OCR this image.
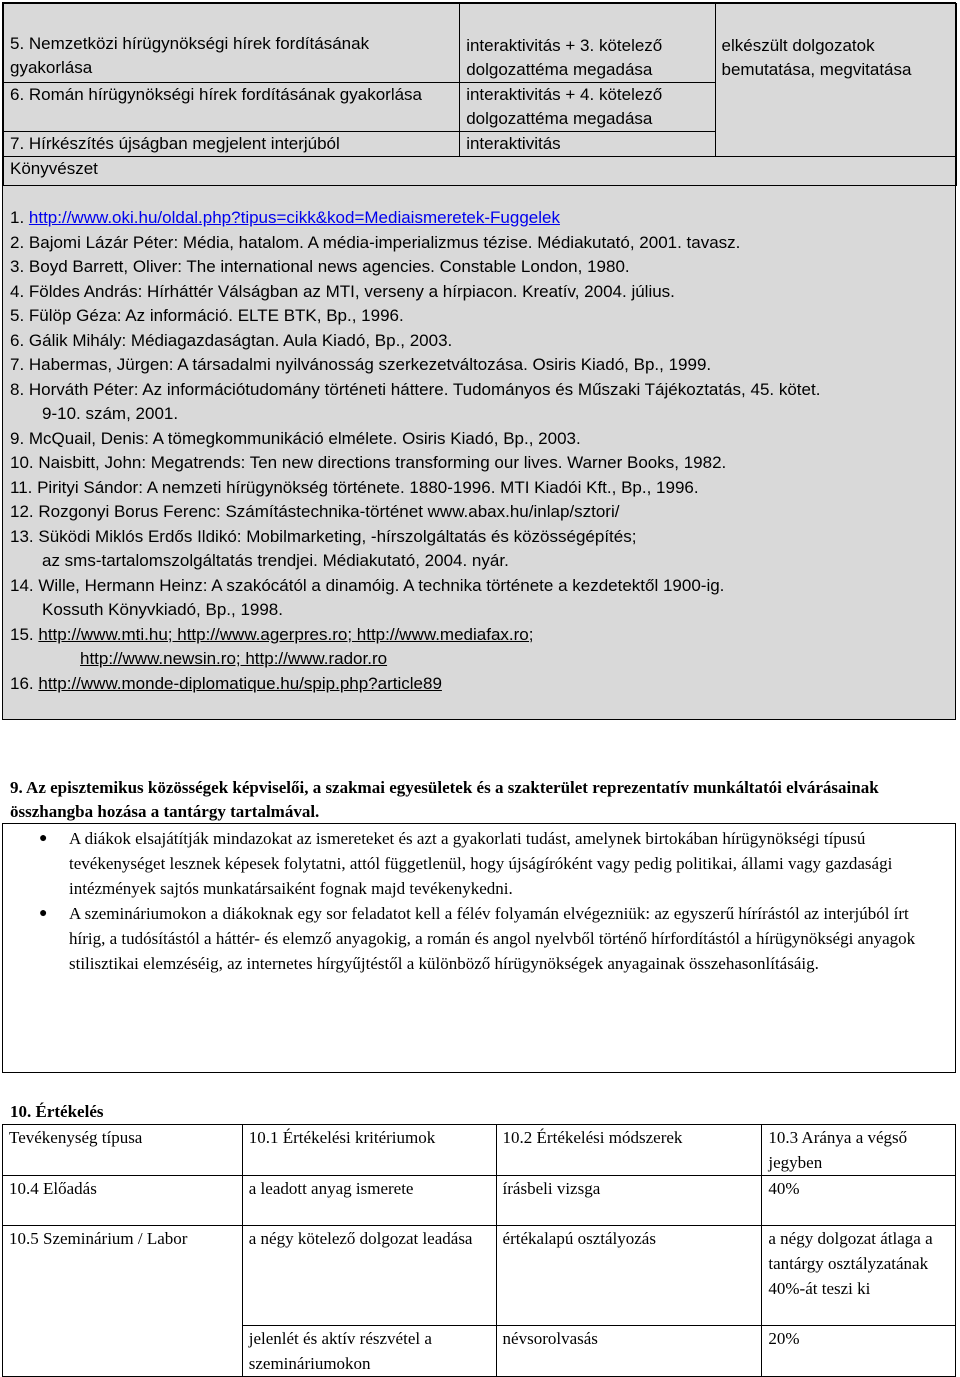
5. Nemzetközi hírügynökségi hírek fordításának gyakorlása	interaktivitás + 3. kötelező dolgozattéma megadása	elkészült dolgozatok bemutatása, megvitatása
6. Román hírügynökségi hírek fordításának gyakorlása	interaktivitás + 4. kötelező dolgozattéma megadása	
7. Hírkészítés újságban megjelent interjúból	interaktivitás	
Könyvészet		
1. http://www.oki.hu/oldal.php?tipus=cikk&kod=Mediaismeretek-Fuggelek
2. Bajomi Lázár Péter: Média, hatalom. A média-imperializmus tézise. Médiakutató, 2001. tavasz.
3. Boyd Barrett, Oliver: The international news agencies. Constable London, 1980.
4. Földes András: Hírháttér Válságban az MTI, verseny a hírpiacon. Kreatív, 2004. július.
5. Fülöp Géza: Az információ. ELTE BTK, Bp., 1996.
6. Gálik Mihály: Médiagazdaságtan. Aula Kiadó, Bp., 2003.
7. Habermas, Jürgen: A társadalmi nyilvánosság szerkezetváltozása. Osiris Kiadó, Bp., 1999.
8. Horváth Péter: Az információtudomány történeti háttere. Tudományos és Műszaki Tájékoztatás, 45. kötet.
9-10. szám, 2001.
9. McQuail, Denis: A tömegkommunikáció elmélete. Osiris Kiadó, Bp., 2003.
10. Naisbitt, John: Megatrends: Ten new directions transforming our lives. Warner Books, 1982.
11. Pirityi Sándor: A nemzeti hírügynökség története. 1880-1996. MTI Kiadói Kft., Bp., 1996.
12. Rozgonyi Borus Ferenc: Számítástechnika-történet www.abax.hu/inlap/sztori/
13. Süködi Miklós Erdős Ildikó: Mobilmarketing, -hírszolgáltatás és közösségépítés;
az sms-tartalomszolgáltatás trendjei. Médiakutató, 2004. nyár.
14. Wille, Hermann Heinz: A szakócától a dinamóig. A technika története a kezdetektől 1900-ig.
Kossuth Könyvkiadó, Bp., 1998.
15. http://www.mti.hu; http://www.agerpres.ro; http://www.mediafax.ro;
http://www.newsin.ro; http://www.rador.ro
16. http://www.monde-diplomatique.hu/spip.php?article89
9. Az episztemikus közösségek képviselői, a szakmai egyesületek és a szakterület reprezentatív munkáltatói elvárásainak összhangba hozása a tantárgy tartalmával.
● A diákok elsajátítják mindazokat az ismereteket és azt a gyakorlati tudást, amelynek birtokában hírügynökségi típusú tevékenységet lesznek képesek folytatni, attól függetlenül, hogy újságíróként vagy pedig politikai, állami vagy gazdasági intézmények sajtós munkatársaiként fognak majd tevékenykedni.
● A szemináriumokon a diákoknak egy sor feladatot kell a félév folyamán elvégezniük: az egyszerű hírírástól az interjúból írt hírig, a tudósítástól a háttér- és elemző anyagokig, a román és angol nyelvből történő hírfordítástól a hírügynökségi anyagok stilisztikai elemzéséig, az internetes hírgyűjtéstől a különböző hírügynökségek anyagainak összehasonlításáig.
10. Értékelés
Tevékenység típusa	10.1 Értékelési kritériumok	10.2 Értékelési módszerek	10.3 Aránya a végső jegyben
10.4 Előadás	a leadott anyag ismerete	írásbeli vizsga	40%
10.5 Szeminárium / Labor	a négy kötelező dolgozat leadása	értékalapú osztályozás	a négy dolgozat átlaga a tantárgy osztályzatának 40%-át teszi ki
	jelenlét és aktív részvétel a szemináriumokon	névsorolvasás	20%
